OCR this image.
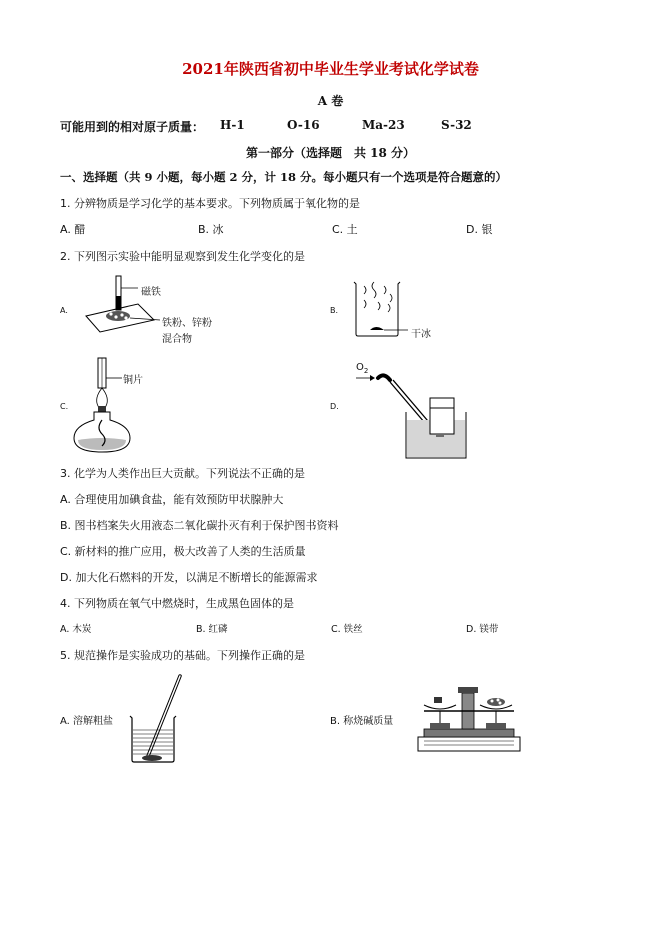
2021年陕西省初中毕业生学业考试化学试卷
A 卷
可能用到的相对原子质量： H-1	O-16	Ma-23	S-32
第一部分（选择题　共 18 分）
一、选择题（共 9 小题，每小题 2 分，计 18 分。每小题只有一个选项是符合题意的）
1. 分辨物质是学习化学的基本要求。下列物质属于氧化物的是
A. 醋	B. 冰	C. 土	D. 银
2. 下列图示实验中能明显观察到发生化学变化的是
A.
磁铁
铁粉、锌粉
混合物
B.
干冰
C.
铜片
D.
$O_2$
3. 化学为人类作出巨大贡献。下列说法不正确的是
A. 合理使用加碘食盐，能有效预防甲状腺肿大
B. 图书档案失火用液态二氧化碳扑灭有利于保护图书资料
C. 新材料的推广应用，极大改善了人类的生活质量
D. 加大化石燃料的开发，以满足不断增长的能源需求
4. 下列物质在氧气中燃烧时，生成黑色固体的是
A. 木炭	B. 红磷	C. 铁丝	D. 镁带
5. 规范操作是实验成功的基础。下列操作正确的是
A. 溶解粗盐	B. 称烧碱质量
